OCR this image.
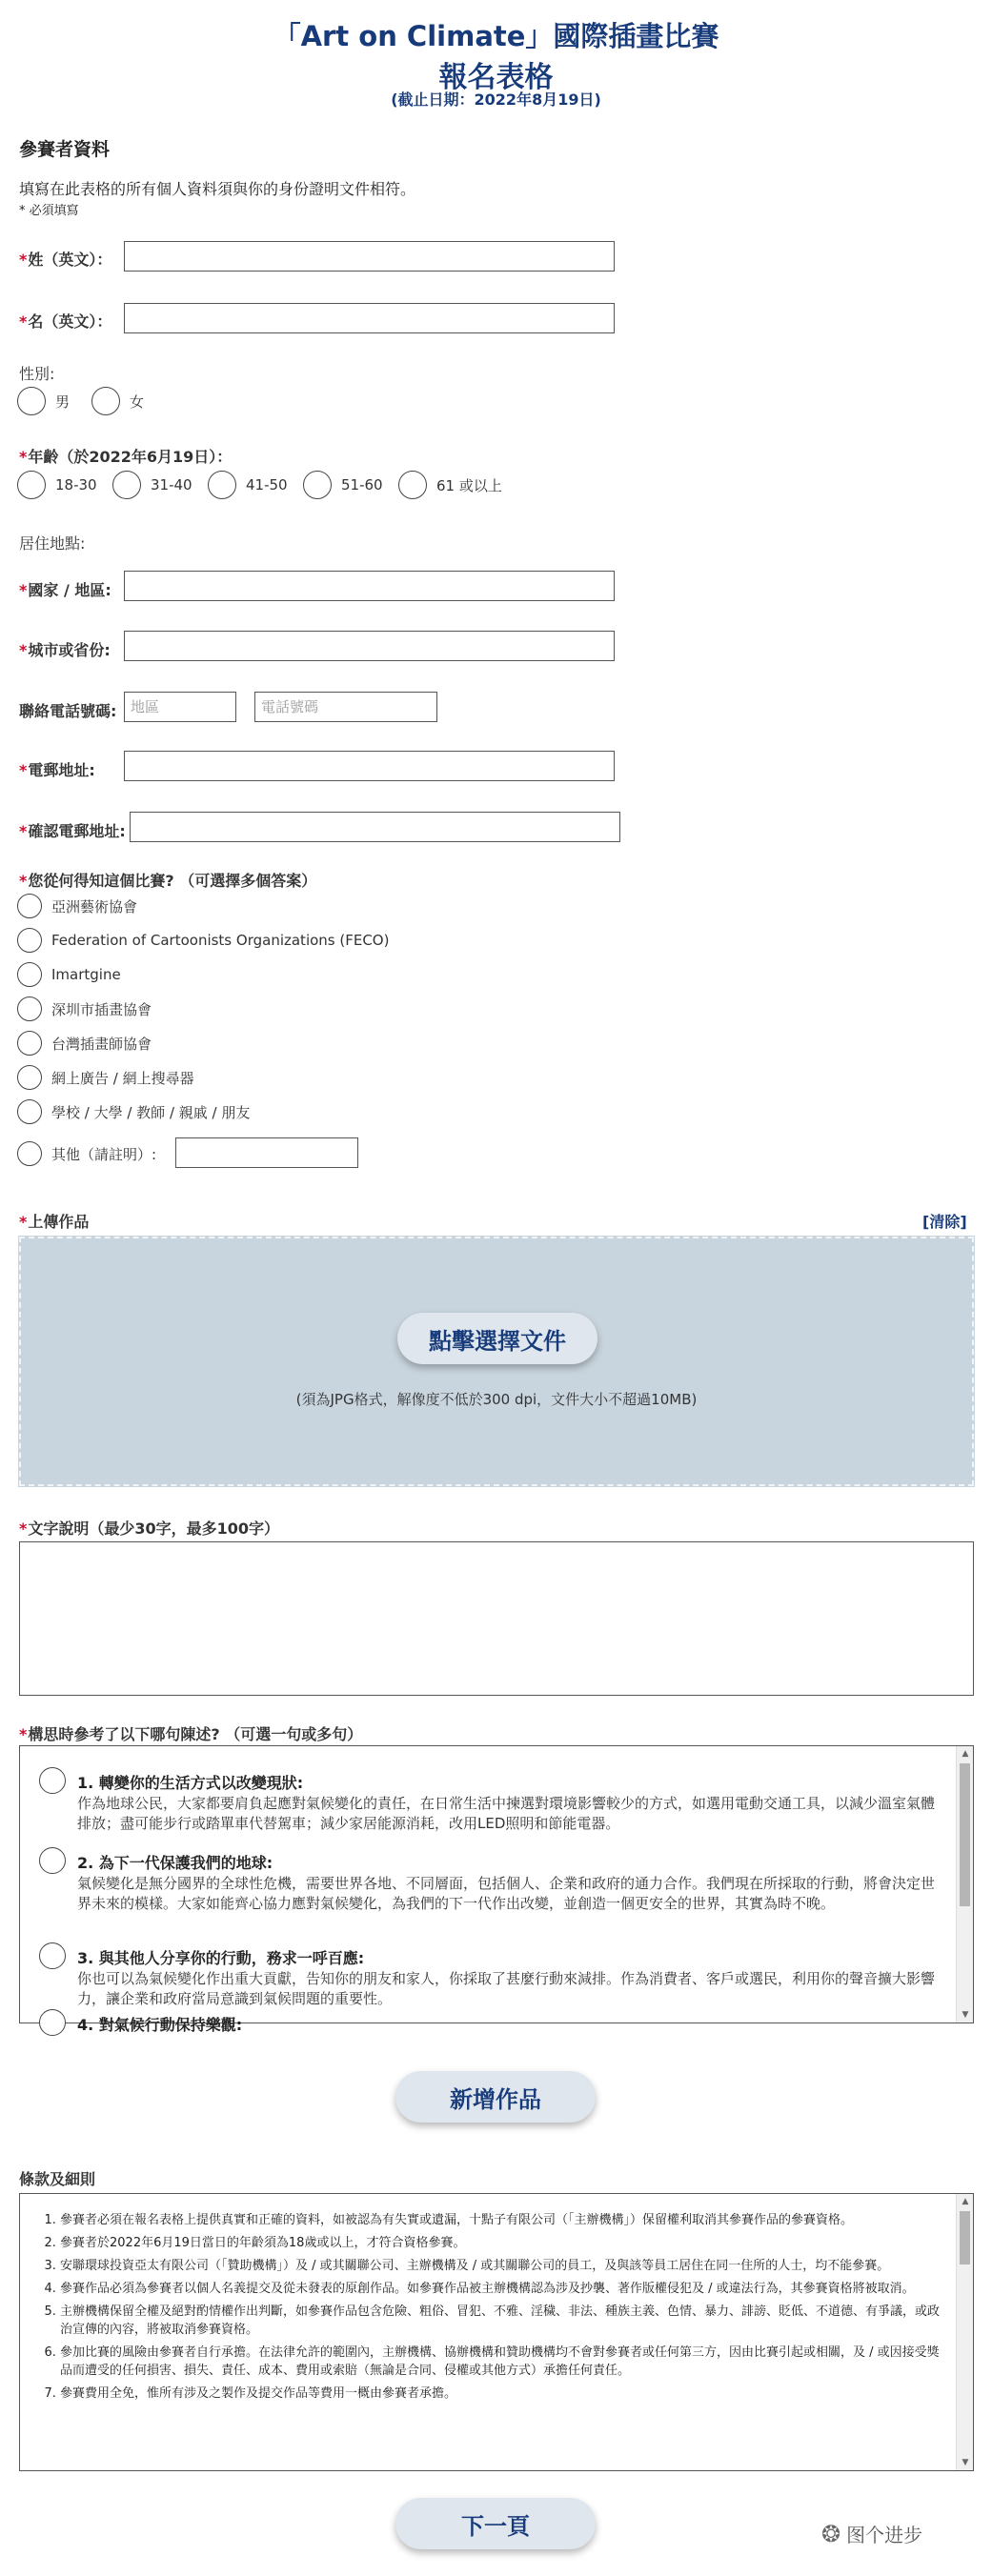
「Art on Climate」國際插畫比賽
報名表格
(截止日期：2022年8月19日)
參賽者資料
填寫在此表格的所有個人資料須與你的身份證明文件相符。
* 必須填寫
*姓（英文）：
*名（英文）：
性別:
男	女
*年齡（於2022年6月19日）：
18-30	31-40	41-50	51-60	61 或以上
居住地點:
*國家 / 地區:
*城市或省份:
聯絡電話號碼:
地區
電話號碼
*電郵地址:
*確認電郵地址:
*您從何得知這個比賽? （可選擇多個答案）
亞洲藝術協會
Federation of Cartoonists Organizations (FECO)
Imartgine
深圳市插畫協會
台灣插畫師協會
網上廣告 / 網上搜尋器
學校 / 大學 / 教師 / 親戚 / 朋友
其他（請註明）:
*上傳作品	[清除]
點擊選擇文件
(須為JPG格式，解像度不低於300 dpi，文件大小不超過10MB)
*文字說明（最少30字，最多100字）
*構思時參考了以下哪句陳述? （可選一句或多句）
1. 轉變你的生活方式以改變現狀:
作為地球公民，大家都要肩負起應對氣候變化的責任，在日常生活中揀選對環境影響較少的方式，如選用電動交通工具，以減少溫室氣體排放；盡可能步行或踏單車代替駕車；減少家居能源消耗，改用LED照明和節能電器。
2. 為下一代保護我們的地球:
氣候變化是無分國界的全球性危機，需要世界各地、不同層面，包括個人、企業和政府的通力合作。我們現在所採取的行動，將會決定世界未來的模樣。大家如能齊心協力應對氣候變化，為我們的下一代作出改變，並創造一個更安全的世界，其實為時不晚。
3. 與其他人分享你的行動，務求一呼百應:
你也可以為氣候變化作出重大貢獻，告知你的朋友和家人，你採取了甚麼行動來減排。作為消費者、客戶或選民，利用你的聲音擴大影響力，讓企業和政府當局意識到氣候問題的重要性。
4. 對氣候行動保持樂觀:
▲
▼
新增作品
條款及細則
1. 參賽者必須在報名表格上提供真實和正確的資料，如被認為有失實或遺漏，十點子有限公司（「主辦機構」）保留權利取消其參賽作品的參賽資格。
2. 參賽者於2022年6月19日當日的年齡須為18歲或以上，才符合資格參賽。
3. 安聯環球投資亞太有限公司（「贊助機構」）及 / 或其關聯公司、主辦機構及 / 或其關聯公司的員工，及與該等員工居住在同一住所的人士，均不能參賽。
4. 參賽作品必須為參賽者以個人名義提交及從未發表的原創作品。如參賽作品被主辦機構認為涉及抄襲、著作版權侵犯及 / 或違法行為，其參賽資格將被取消。
5. 主辦機構保留全權及絕對酌情權作出判斷，如參賽作品包含危險、粗俗、冒犯、不雅、淫穢、非法、種族主義、色情、暴力、誹謗、貶低、不道德、有爭議，或政治宣傳的內容，將被取消參賽資格。
6. 參加比賽的風險由參賽者自行承擔。在法律允許的範圍內，主辦機構、協辦機構和贊助機構均不會對參賽者或任何第三方，因由比賽引起或相關，及 / 或因接受獎品而遭受的任何損害、損失、責任、成本、費用或索賠（無論是合同、侵權或其他方式）承擔任何責任。
7. 參賽費用全免，惟所有涉及之製作及提交作品等費用一概由參賽者承擔。
▲
▼
下一頁	❂ 图个进步
